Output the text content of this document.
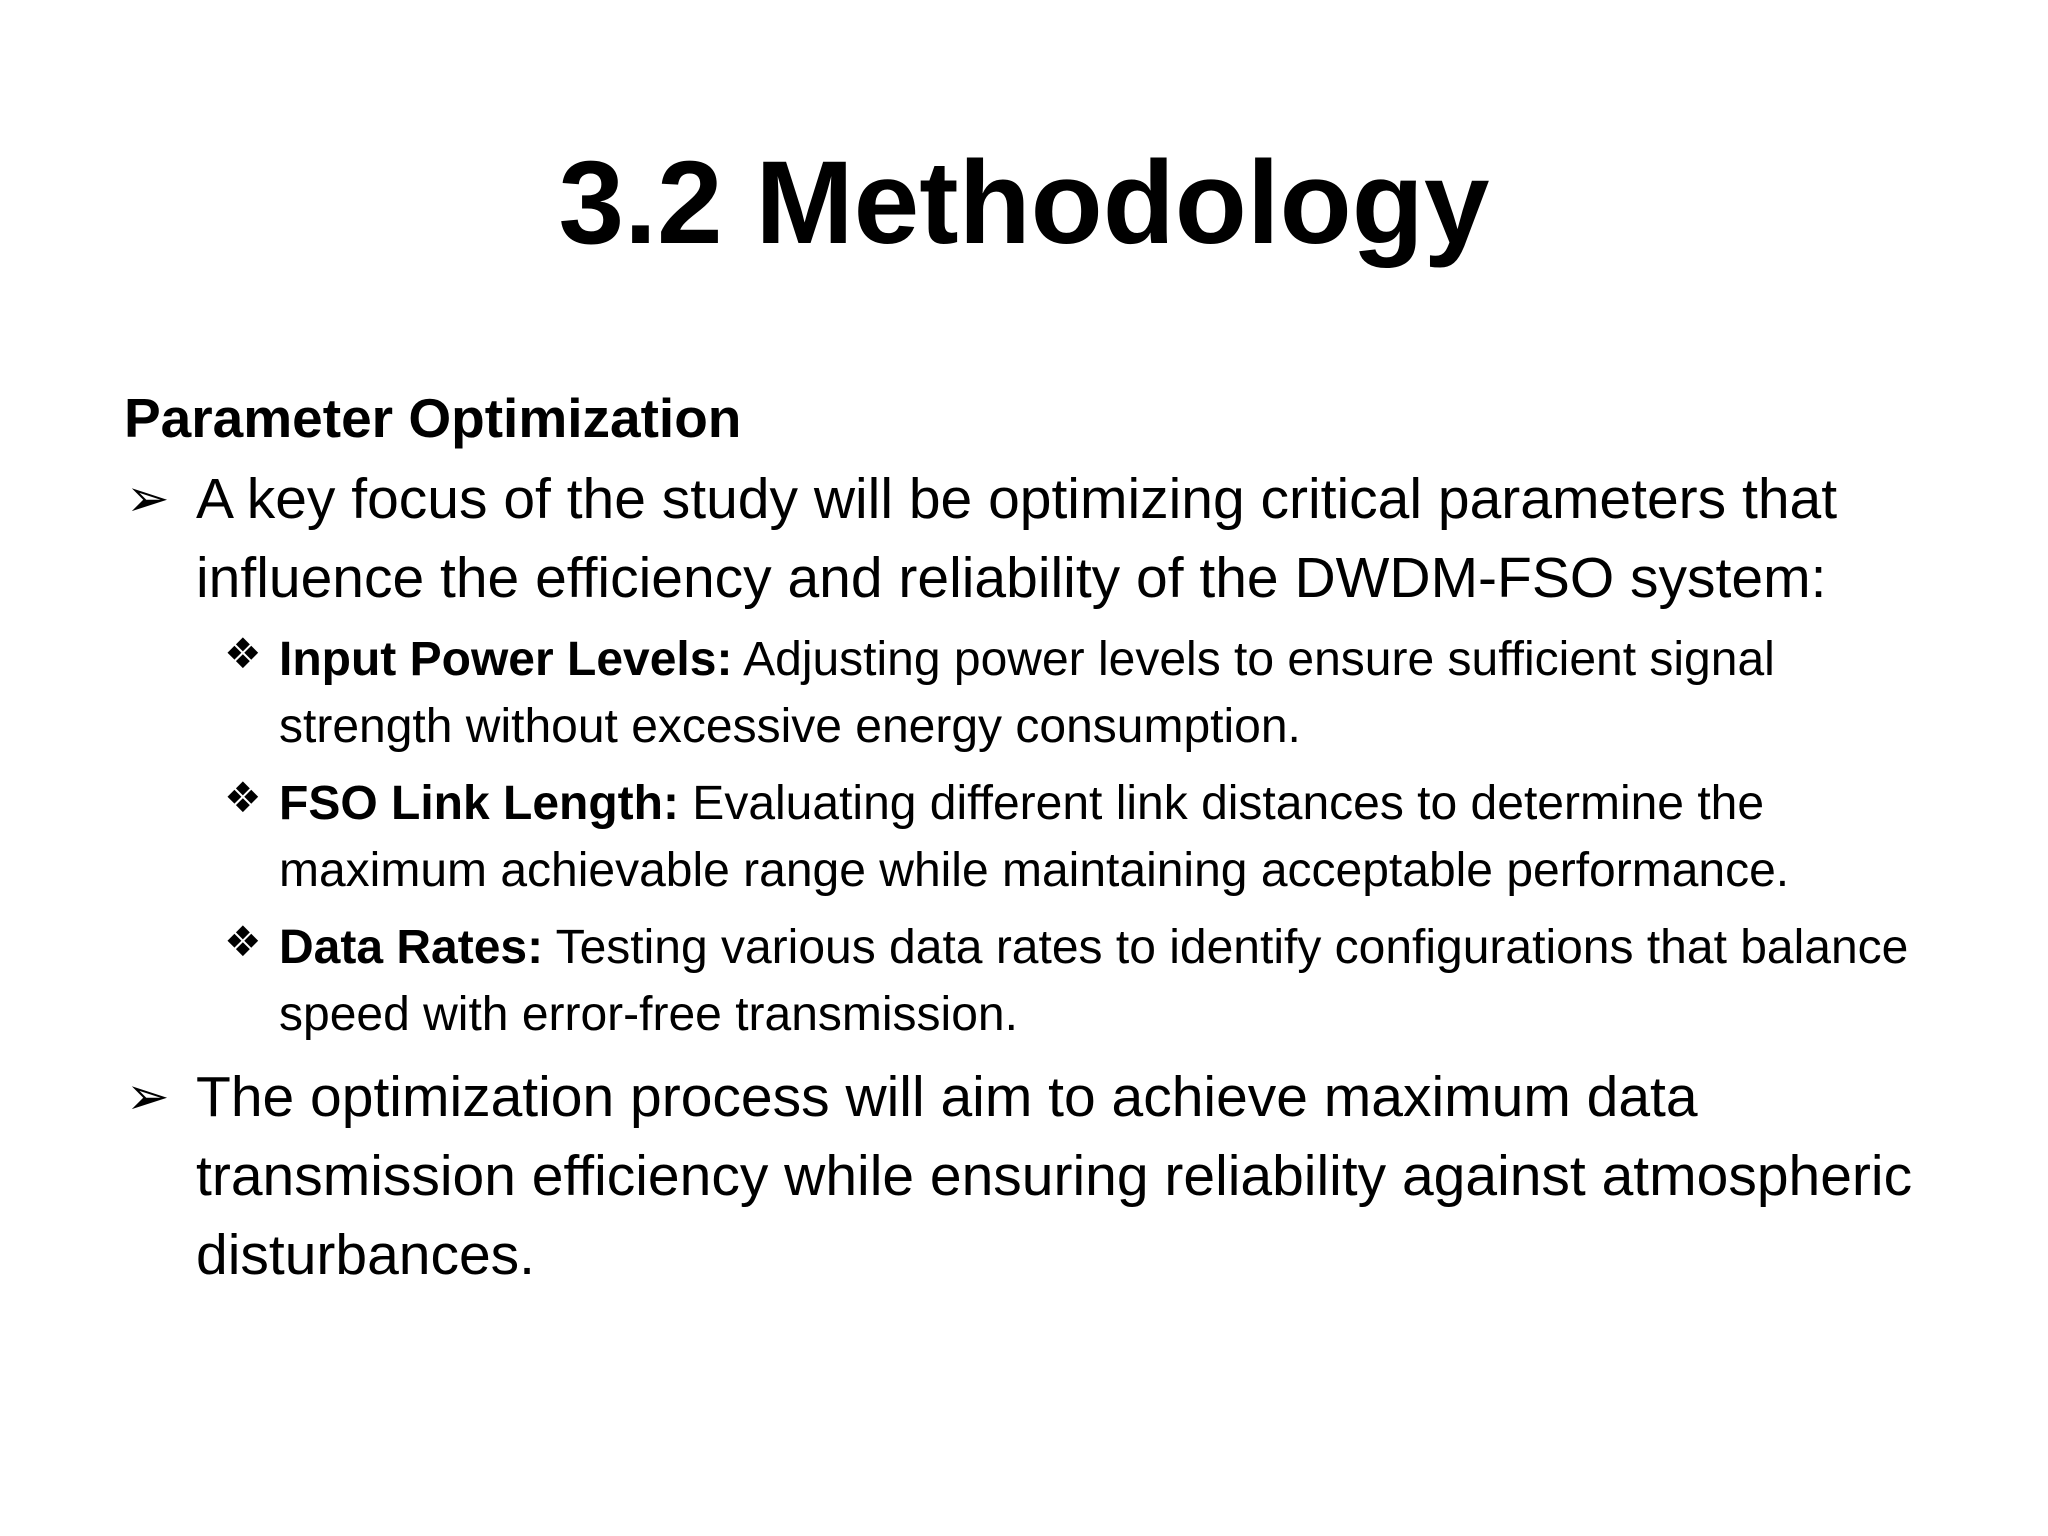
3.2 Methodology

Parameter Optimization

➢ A key focus of the study will be optimizing critical parameters that influence the efficiency and reliability of the DWDM-FSO system:
❖ Input Power Levels: Adjusting power levels to ensure sufficient signal strength without excessive energy consumption.
❖ FSO Link Length: Evaluating different link distances to determine the maximum achievable range while maintaining acceptable performance.
❖ Data Rates: Testing various data rates to identify configurations that balance speed with error-free transmission.
➢ The optimization process will aim to achieve maximum data transmission efficiency while ensuring reliability against atmospheric disturbances.
